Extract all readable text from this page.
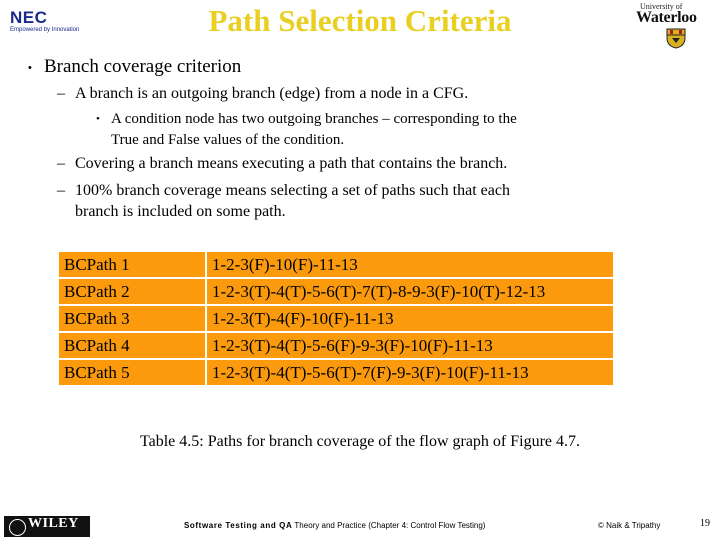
NEC
Empowered by Innovation	Path Selection Criteria	University of
Waterloo
• Branch coverage criterion
– A branch is an outgoing branch (edge) from a node in a CFG.
• A condition node has two outgoing branches – corresponding to the
True and False values of the condition.
– Covering a branch means executing a path that contains the branch.
– 100% branch coverage means selecting a set of paths such that each
branch is included on some path.
BCPath 1	1-2-3(F)-10(F)-11-13
BCPath 2	1-2-3(T)-4(T)-5-6(T)-7(T)-8-9-3(F)-10(T)-12-13
BCPath 3	1-2-3(T)-4(F)-10(F)-11-13
BCPath 4	1-2-3(T)-4(T)-5-6(F)-9-3(F)-10(F)-11-13
BCPath 5	1-2-3(T)-4(T)-5-6(T)-7(F)-9-3(F)-10(F)-11-13
Table 4.5: Paths for branch coverage of the flow graph of Figure 4.7.
WILEY	Software Testing and QA Theory and Practice (Chapter 4: Control Flow Testing)	© Naik & Tripathy	19
